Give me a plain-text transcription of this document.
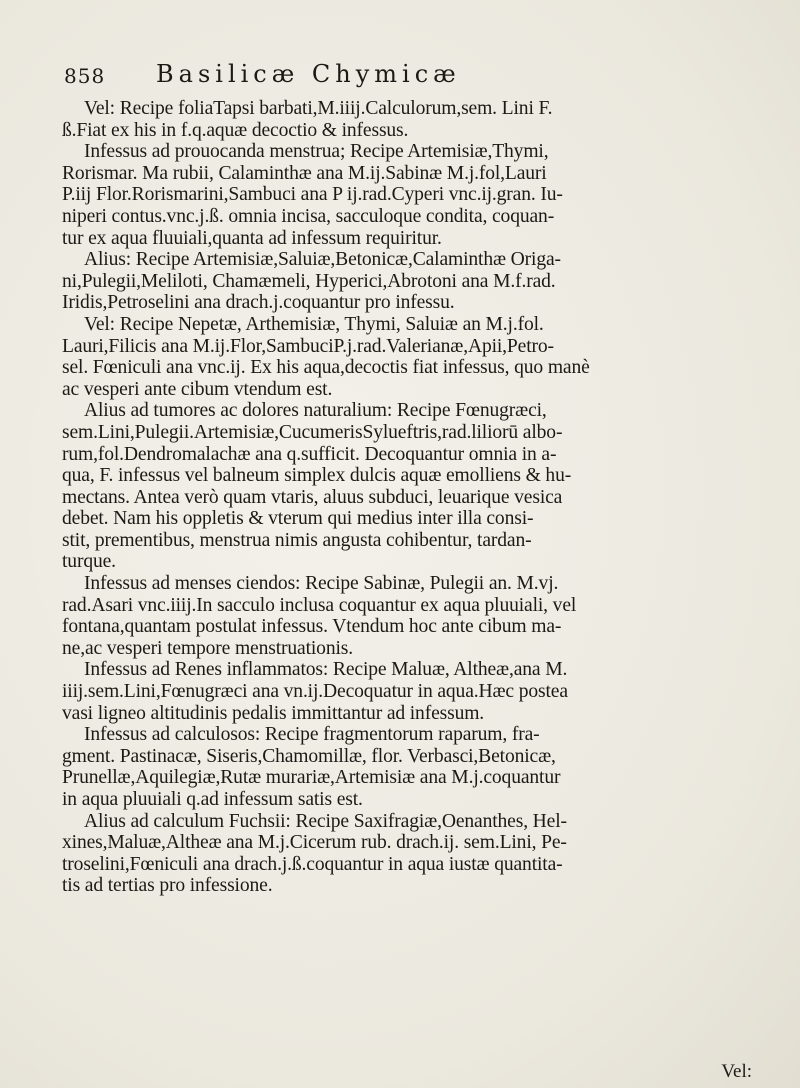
858 Basilicæ Chymicæ
Vel: Recipe foliaTapsi barbati,M.iiij.Calculorum,sem. Lini F.
ß.Fiat ex his in f.q.aquæ decoctio & infessus.
Infessus ad prouocanda menstrua; Recipe Artemisiæ,Thymi,
Rorismar. Ma rubii, Calaminthæ ana M.ij.Sabinæ M.j.fol,Lauri
P.iij Flor.Rorismarini,Sambuci ana P ij.rad.Cyperi vnc.ij.gran. Iu-
niperi contus.vnc.j.ß. omnia incisa, sacculoque condita, coquan-
tur ex aqua fluuiali,quanta ad infessum requiritur.
Alius: Recipe Artemisiæ,Saluiæ,Betonicæ,Calaminthæ Origa-
ni,Pulegii,Meliloti, Chamæmeli, Hyperici,Abrotoni ana M.f.rad.
Iridis,Petroselini ana drach.j.coquantur pro infessu.
Vel: Recipe Nepetæ, Arthemisiæ, Thymi, Saluiæ an M.j.fol.
Lauri,Filicis ana M.ij.Flor,SambuciP.j.rad.Valerianæ,Apii,Petro-
sel. Fœniculi ana vnc.ij. Ex his aqua,decoctis fiat infessus, quo manè
ac vesperi ante cibum vtendum est.
Alius ad tumores ac dolores naturalium: Recipe Fœnugræci,
sem.Lini,Pulegii.Artemisiæ,CucumerisSylueftris,rad.liliorū albo-
rum,fol.Dendromalachæ ana q.sufficit. Decoquantur omnia in a-
qua, F. infessus vel balneum simplex dulcis aquæ emolliens & hu-
mectans. Antea verò quam vtaris, aluus subduci, leuarique vesica
debet. Nam his oppletis & vterum qui medius inter illa consi-
stit, prementibus, menstrua nimis angusta cohibentur, tardan-
turque.
Infessus ad menses ciendos: Recipe Sabinæ, Pulegii an. M.vj.
rad.Asari vnc.iiij.In sacculo inclusa coquantur ex aqua pluuiali, vel
fontana,quantam postulat infessus. Vtendum hoc ante cibum ma-
ne,ac vesperi tempore menstruationis.
Infessus ad Renes inflammatos: Recipe Maluæ, Altheæ,ana M.
iiij.sem.Lini,Fœnugræci ana vn.ij.Decoquatur in aqua.Hæc postea
vasi ligneo altitudinis pedalis immittantur ad infessum.
Infessus ad calculosos: Recipe fragmentorum raparum, fra-
gment. Pastinacæ, Siseris,Chamomillæ, flor. Verbasci,Betonicæ,
Prunellæ,Aquilegiæ,Rutæ murariæ,Artemisiæ ana M.j.coquantur
in aqua pluuiali q.ad infessum satis est.
Alius ad calculum Fuchsii: Recipe Saxifragiæ,Oenanthes, Hel-
xines,Maluæ,Altheæ ana M.j.Cicerum rub. drach.ij. sem.Lini, Pe-
troselini,Fœniculi ana drach.j.ß.coquantur in aqua iustæ quantita-
tis ad tertias pro infessione.
Vel:
